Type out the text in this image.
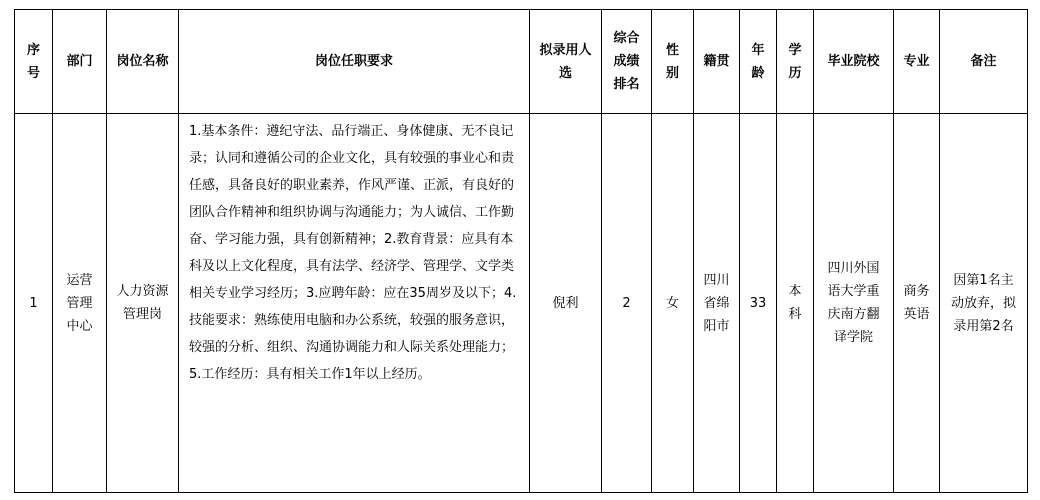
序号	部门	岗位名称	岗位任职要求	拟录用人选	综合成绩排名	性别	籍贯	年龄	学历	毕业院校	专业	备注
1	运营管理中心	人力资源管理岗	1.基本条件：遵纪守法、品行端正、身体健康、无不良记录；认同和遵循公司的企业文化，具有较强的事业心和责任感，具备良好的职业素养，作风严谨、正派，有良好的团队合作精神和组织协调与沟通能力；为人诚信、工作勤奋、学习能力强，具有创新精神；2.教育背景：应具有本科及以上文化程度，具有法学、经济学、管理学、文学类相关专业学习经历；3.应聘年龄：应在35周岁及以下；4.技能要求：熟练使用电脑和办公系统，较强的服务意识，较强的分析、组织、沟通协调能力和人际关系处理能力；5.工作经历：具有相关工作1年以上经历。	倪利	2	女	四川省绵阳市	33	本科	四川外国语大学重庆南方翻译学院	商务英语	因第1名主动放弃，拟录用第2名
